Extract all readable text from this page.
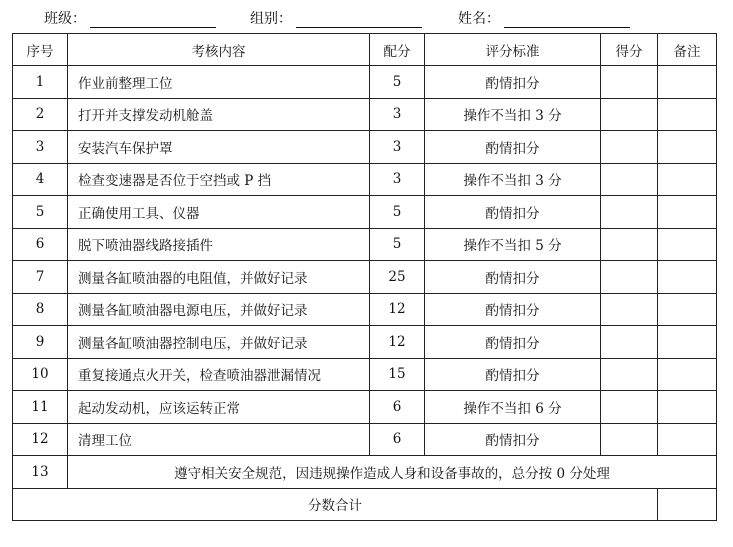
班级：	组别：	姓名：
序号	考核内容	配分	评分标准	得分	备注
1	作业前整理工位	5	酌情扣分		
2	打开并支撑发动机舱盖	3	操作不当扣 3 分		
3	安装汽车保护罩	3	酌情扣分		
4	检查变速器是否位于空挡或 P 挡	3	操作不当扣 3 分		
5	正确使用工具、仪器	5	酌情扣分		
6	脱下喷油器线路接插件	5	操作不当扣 5 分		
7	测量各缸喷油器的电阻值，并做好记录	25	酌情扣分		
8	测量各缸喷油器电源电压，并做好记录	12	酌情扣分		
9	测量各缸喷油器控制电压，并做好记录	12	酌情扣分		
10	重复接通点火开关，检查喷油器泄漏情况	15	酌情扣分		
11	起动发动机，应该运转正常	6	操作不当扣 6 分		
12	清理工位	6	酌情扣分		
13	遵守相关安全规范，因违规操作造成人身和设备事故的，总分按 0 分处理				
分数合计					
